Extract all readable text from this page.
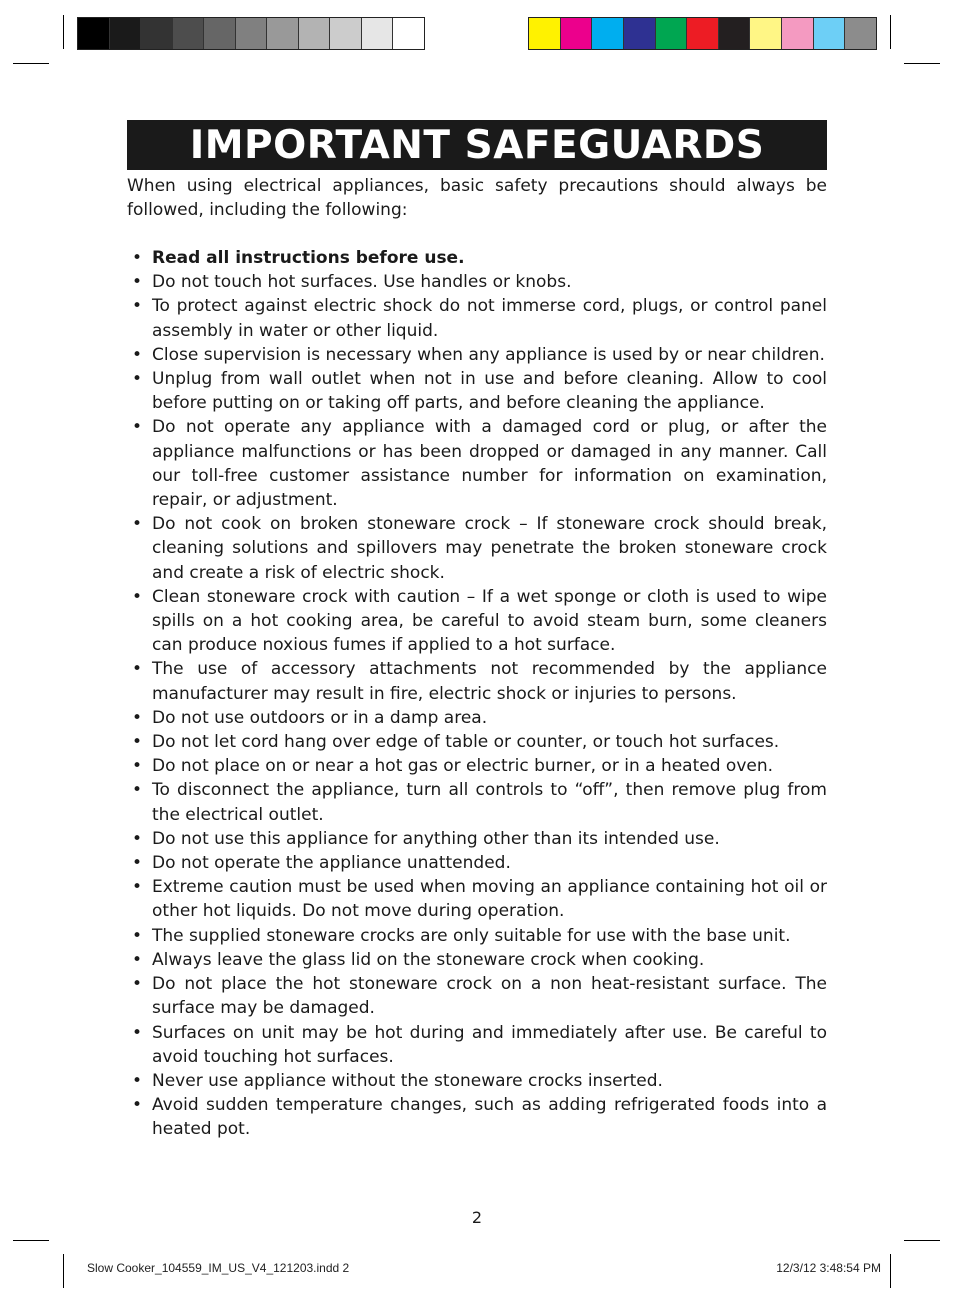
IMPORTANT SAFEGUARDS

When using electrical appliances, basic safety precautions should always be followed, including the following:

• Read all instructions before use.
• Do not touch hot surfaces. Use handles or knobs.
• To protect against electric shock do not immerse cord, plugs, or control panel assembly in water or other liquid.
• Close supervision is necessary when any appliance is used by or near children.
• Unplug from wall outlet when not in use and before cleaning. Allow to cool before putting on or taking off parts, and before cleaning the appliance.
• Do not operate any appliance with a damaged cord or plug, or after the appliance malfunctions or has been dropped or damaged in any manner. Call our toll-free customer assistance number for information on examination, repair, or adjustment.
• Do not cook on broken stoneware crock – If stoneware crock should break, cleaning solutions and spillovers may penetrate the broken stoneware crock and create a risk of electric shock.
• Clean stoneware crock with caution – If a wet sponge or cloth is used to wipe spills on a hot cooking area, be careful to avoid steam burn, some cleaners can produce noxious fumes if applied to a hot surface.
• The use of accessory attachments not recommended by the appliance manufacturer may result in fire, electric shock or injuries to persons.
• Do not use outdoors or in a damp area.
• Do not let cord hang over edge of table or counter, or touch hot surfaces.
• Do not place on or near a hot gas or electric burner, or in a heated oven.
• To disconnect the appliance, turn all controls to “off”, then remove plug from the electrical outlet.
• Do not use this appliance for anything other than its intended use.
• Do not operate the appliance unattended.
• Extreme caution must be used when moving an appliance containing hot oil or other hot liquids. Do not move during operation.
• The supplied stoneware crocks are only suitable for use with the base unit.
• Always leave the glass lid on the stoneware crock when cooking.
• Do not place the hot stoneware crock on a non heat-resistant surface. The surface may be damaged.
• Surfaces on unit may be hot during and immediately after use. Be careful to avoid touching hot surfaces.
• Never use appliance without the stoneware crocks inserted.
• Avoid sudden temperature changes, such as adding refrigerated foods into a heated pot.
2
Slow Cooker_104559_IM_US_V4_121203.indd 2	12/3/12 3:48:54 PM
